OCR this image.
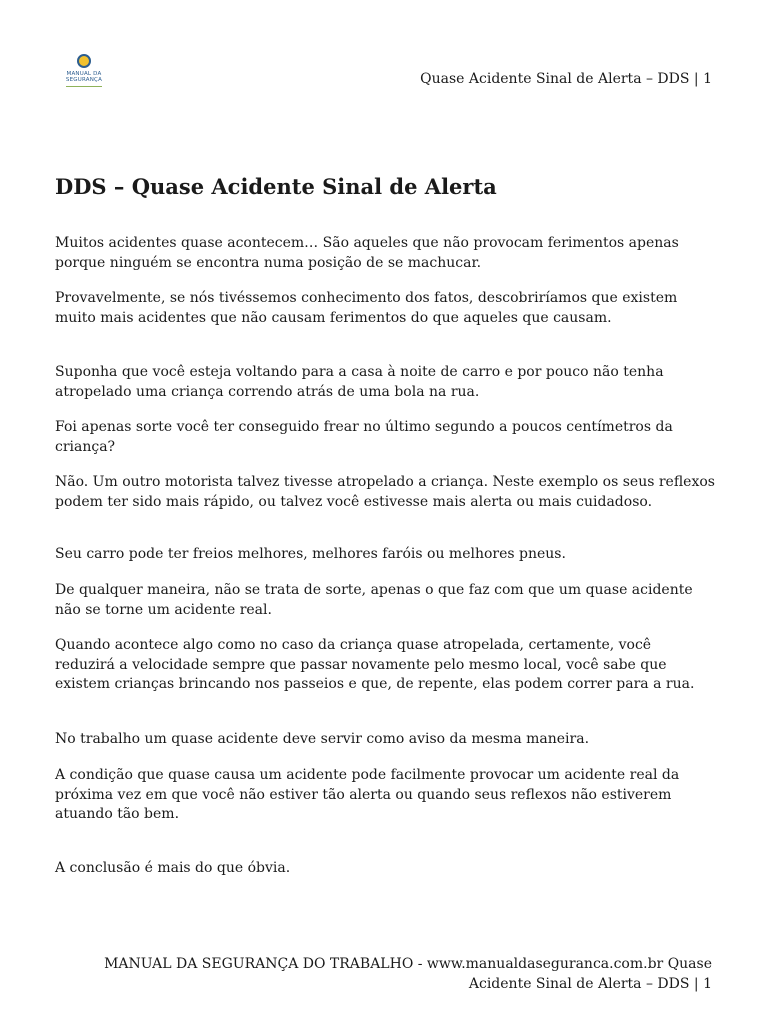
MANUAL DA
SEGURANÇA	Quase Acidente Sinal de Alerta – DDS | 1
DDS – Quase Acidente Sinal de Alerta

Muitos acidentes quase acontecem… São aqueles que não provocam ferimentos apenas porque ninguém se encontra numa posição de se machucar.

Provavelmente, se nós tivéssemos conhecimento dos fatos, descobriríamos que existem muito mais acidentes que não causam ferimentos do que aqueles que causam.

Suponha que você esteja voltando para a casa à noite de carro e por pouco não tenha atropelado uma criança correndo atrás de uma bola na rua.

Foi apenas sorte você ter conseguido frear no último segundo a poucos centímetros da criança?

Não. Um outro motorista talvez tivesse atropelado a criança. Neste exemplo os seus reflexos podem ter sido mais rápido, ou talvez você estivesse mais alerta ou mais cuidadoso.

Seu carro pode ter freios melhores, melhores faróis ou melhores pneus.

De qualquer maneira, não se trata de sorte, apenas o que faz com que um quase acidente não se torne um acidente real.

Quando acontece algo como no caso da criança quase atropelada, certamente, você reduzirá a velocidade sempre que passar novamente pelo mesmo local, você sabe que existem crianças brincando nos passeios e que, de repente, elas podem correr para a rua.

No trabalho um quase acidente deve servir como aviso da mesma maneira.

A condição que quase causa um acidente pode facilmente provocar um acidente real da próxima vez em que você não estiver tão alerta ou quando seus reflexos não estiverem atuando tão bem.

A conclusão é mais do que óbvia.

MANUAL DA SEGURANÇA DO TRABALHO - www.manualdaseguranca.com.br Quase Acidente Sinal de Alerta – DDS | 1
